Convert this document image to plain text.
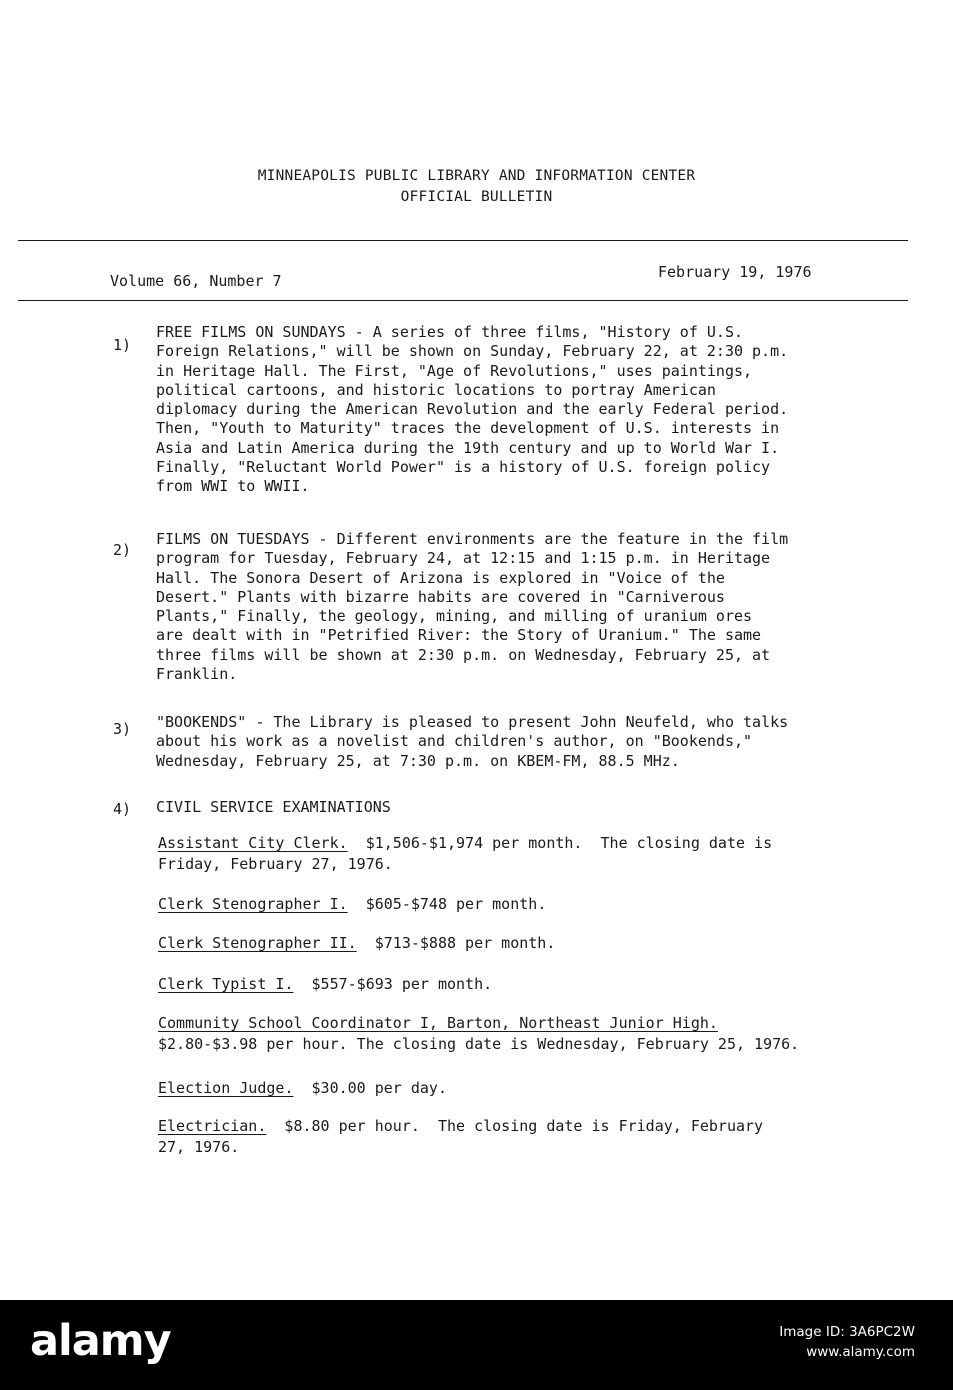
MINNEAPOLIS PUBLIC LIBRARY AND INFORMATION CENTER
OFFICIAL BULLETIN
Volume 66, Number 7	February 19, 1976
1)
FREE FILMS ON SUNDAYS - A series of three films, "History of U.S.
Foreign Relations," will be shown on Sunday, February 22, at 2:30 p.m.
in Heritage Hall. The First, "Age of Revolutions," uses paintings,
political cartoons, and historic locations to portray American
diplomacy during the American Revolution and the early Federal period.
Then, "Youth to Maturity" traces the development of U.S. interests in
Asia and Latin America during the 19th century and up to World War I.
Finally, "Reluctant World Power" is a history of U.S. foreign policy
from WWI to WWII.
2)
FILMS ON TUESDAYS - Different environments are the feature in the film
program for Tuesday, February 24, at 12:15 and 1:15 p.m. in Heritage
Hall. The Sonora Desert of Arizona is explored in "Voice of the
Desert." Plants with bizarre habits are covered in "Carniverous
Plants," Finally, the geology, mining, and milling of uranium ores
are dealt with in "Petrified River: the Story of Uranium." The same
three films will be shown at 2:30 p.m. on Wednesday, February 25, at
Franklin.
3) "BOOKENDS" - The Library is pleased to present John Neufeld, who talks
about his work as a novelist and children's author, on "Bookends,"
Wednesday, February 25, at 7:30 p.m. on KBEM-FM, 88.5 MHz.
4) CIVIL SERVICE EXAMINATIONS
Assistant City Clerk.  $1,506-$1,974 per month.  The closing date is
Friday, February 27, 1976.
Clerk Stenographer I.  $605-$748 per month.
Clerk Stenographer II.  $713-$888 per month.
Clerk Typist I.  $557-$693 per month.
Community School Coordinator I, Barton, Northeast Junior High.
$2.80-$3.98 per hour. The closing date is Wednesday, February 25, 1976.
Election Judge.  $30.00 per day.
Electrician.  $8.80 per hour.  The closing date is Friday, February
27, 1976.
alamy	Image ID: 3A6PC2W
www.alamy.com
